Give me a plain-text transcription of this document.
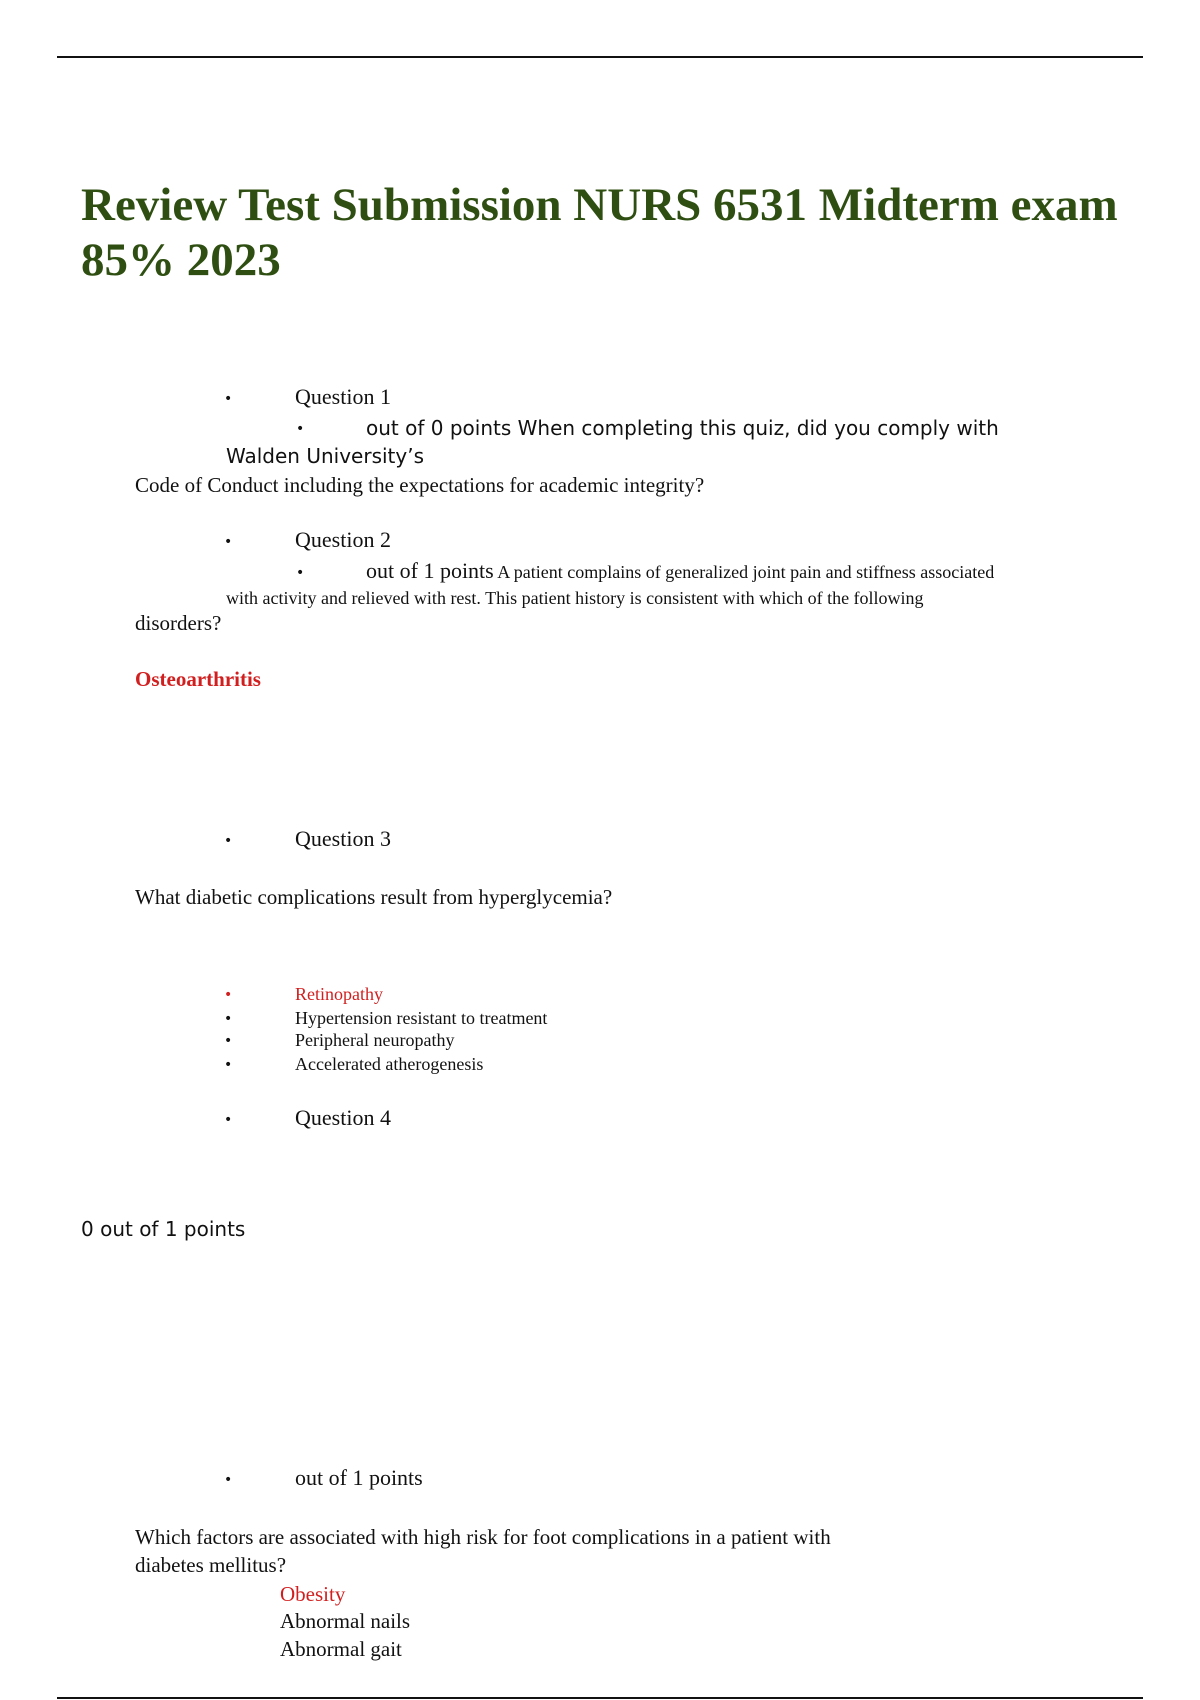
Review Test Submission NURS 6531 Midterm exam 85% 2023
•	Question 1
•	out of 0 points When completing this quiz, did you comply with
Walden University’s
Code of Conduct including the expectations for academic integrity?
•	Question 2
•	out of 1 points A patient complains of generalized joint pain and stiffness associated
with activity and relieved with rest. This patient history is consistent with which of the following
disorders?
Osteoarthritis
•	Question 3
What diabetic complications result from hyperglycemia?
•	Retinopathy
•	Hypertension resistant to treatment
•	Peripheral neuropathy
•	Accelerated atherogenesis
•	Question 4
0 out of 1 points
•	out of 1 points
Which factors are associated with high risk for foot complications in a patient with
diabetes mellitus?
Obesity
Abnormal nails
Abnormal gait
